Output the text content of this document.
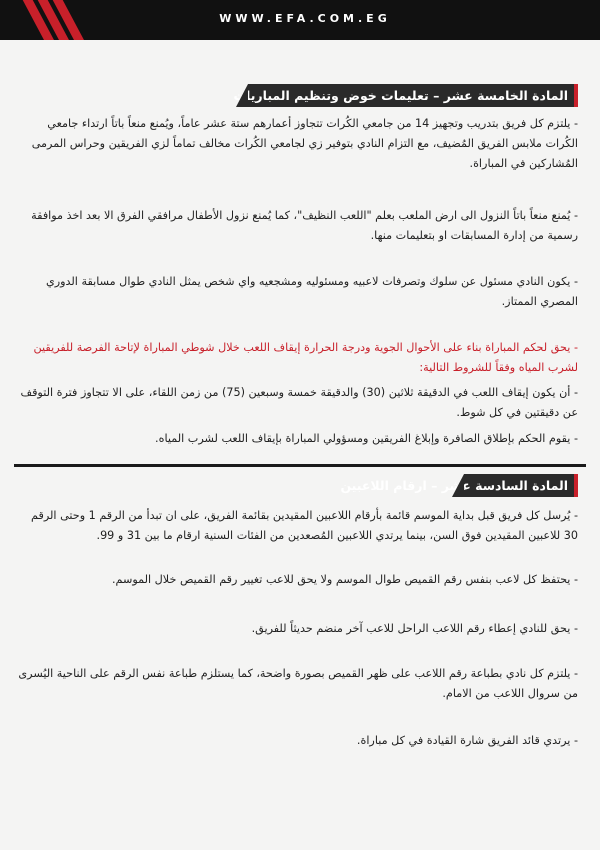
WWW.EFA.COM.EG
المادة الخامسة عشر – تعليمات خوض وتنظيم المباريات
- يلتزم كل فريق بتدريب وتجهيز 14 من جامعي الكُرات تتجاوز أعمارهم ستة عشر عاماً، ويُمنع منعاً باتاً ارتداء جامعي الكُرات ملابس الفريق المُضيف، مع التزام النادي بتوفير زي لجامعي الكُرات مخالف تماماً لزي الفريقين وحراس المرمى المُشاركين في المباراة.
- يُمنع منعاً باتاً النزول الى ارض الملعب بعلم "اللعب النظيف"، كما يُمنع نزول الأطفال مرافقي الفرق الا بعد اخذ موافقة رسمية من إدارة المسابقات او بتعليمات منها.
- يكون النادي مسئول عن سلوك وتصرفات لاعبيه ومسئوليه ومشجعيه واي شخص يمثل النادي طوال مسابقة الدوري المصري الممتاز.
- يحق لحكم المباراة بناء على الأحوال الجوية ودرجة الحرارة إيقاف اللعب خلال شوطي المباراة لإتاحة الفرصة للفريقين لشرب المياه وفقاً للشروط التالية:
- أن يكون إيقاف اللعب في الدقيقة ثلاثين (30) والدقيقة خمسة وسبعين (75) من زمن اللقاء، على الا تتجاوز فترة التوقف عن دقيقتين في كل شوط.
- يقوم الحكم بإطلاق الصافرة وإبلاغ الفريقين ومسؤولي المباراة بإيقاف اللعب لشرب المياه.
المادة السادسة عشر – ارقام اللاعبين
- يُرسل كل فريق قبل بداية الموسم قائمة بأرقام اللاعبين المقيدين بقائمة الفريق، على ان تبدأ من الرقم 1 وحتى الرقم 30 للاعبين المقيدين فوق السن، بينما يرتدي اللاعبين المُصعدين من الفئات السنية ارقام ما بين 31 و 99.
- يحتفظ كل لاعب بنفس رقم القميص طوال الموسم ولا يحق للاعب تغيير رقم القميص خلال الموسم.
- يحق للنادي إعطاء رقم اللاعب الراحل للاعب آخر منضم حديثاً للفريق.
- يلتزم كل نادي بطباعة رقم اللاعب على ظهر القميص بصورة واضحة، كما يستلزم طباعة نفس الرقم على الناحية اليُسرى من سروال اللاعب من الامام.
- يرتدي قائد الفريق شارة القيادة في كل مباراة.
